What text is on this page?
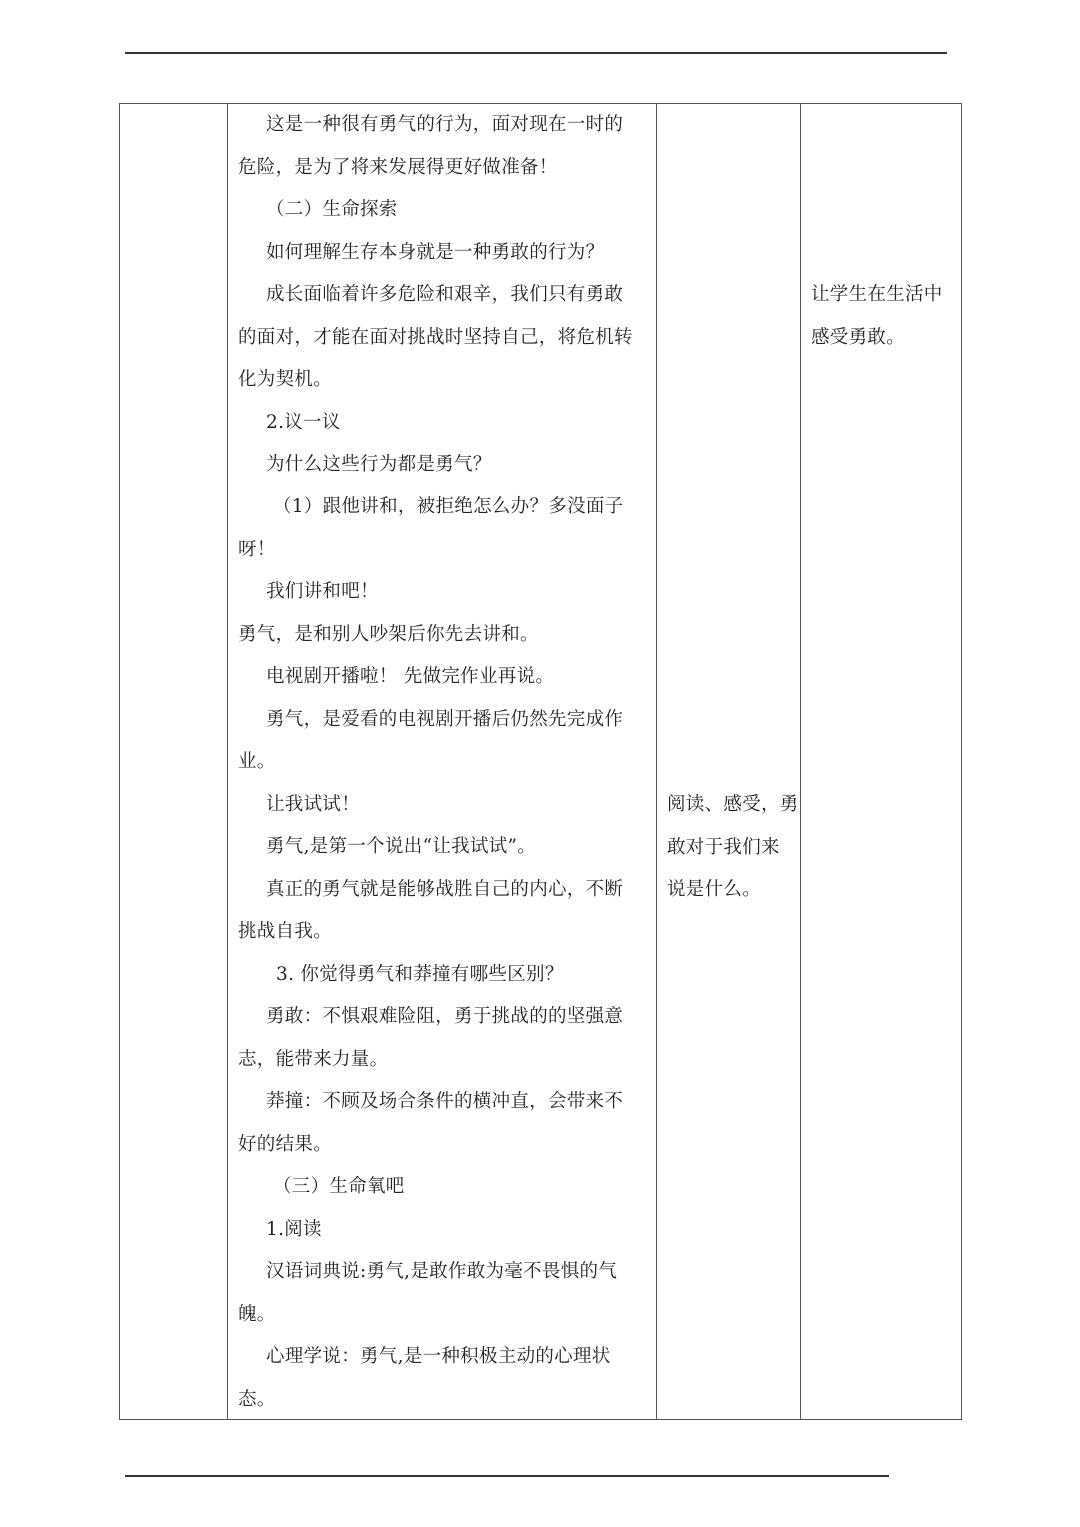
这是一种很有勇气的行为，面对现在一时的
危险，是为了将来发展得更好做准备！
（二）生命探索
如何理解生存本身就是一种勇敢的行为？
成长面临着许多危险和艰辛，我们只有勇敢
的面对，才能在面对挑战时坚持自己，将危机转
化为契机。
2.议一议
为什么这些行为都是勇气？
（1）跟他讲和，被拒绝怎么办？多没面子
呀！
我们讲和吧！
勇气，是和别人吵架后你先去讲和。
电视剧开播啦！ 先做完作业再说。
勇气，是爱看的电视剧开播后仍然先完成作
业。
让我试试！
勇气,是第一个说出“让我试试”。
真正的勇气就是能够战胜自己的内心，不断
挑战自我。
3. 你觉得勇气和莽撞有哪些区别？
勇敢：不惧艰难险阻，勇于挑战的的坚强意
志，能带来力量。
莽撞：不顾及场合条件的横冲直，会带来不
好的结果。
（三）生命氧吧
1.阅读
汉语词典说:勇气,是敢作敢为毫不畏惧的气
魄。
心理学说：勇气,是一种积极主动的心理状
态。
阅读、感受，勇
敢对于我们来
说是什么。
让学生在生活中
感受勇敢。
